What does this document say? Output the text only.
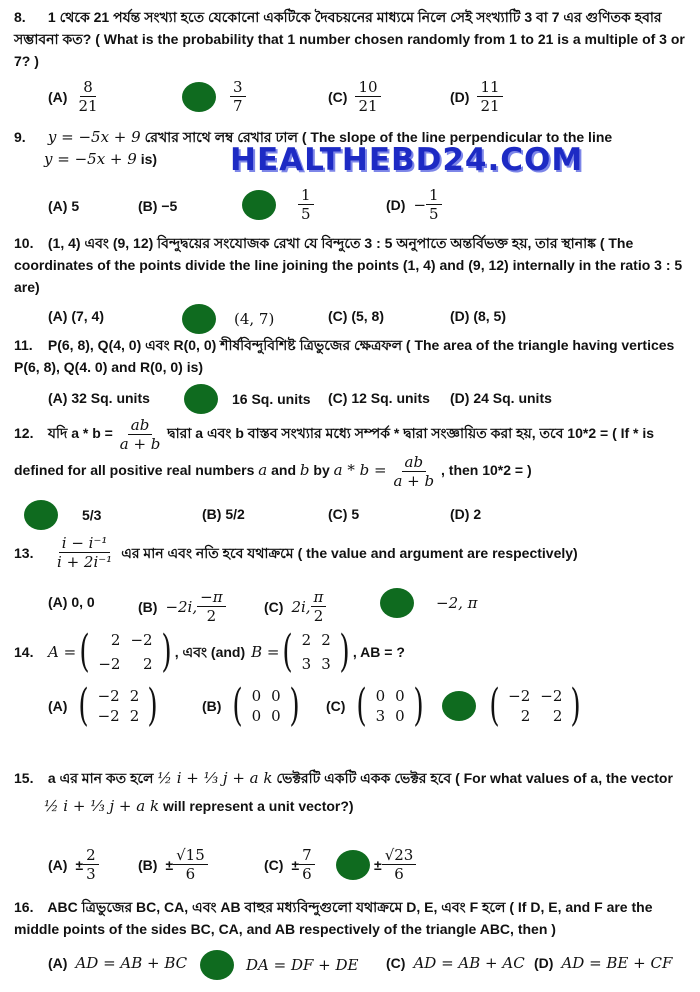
8. 1 থেকে 21 পর্যন্ত সংখ্যা হতে যেকোনো একটিকে দৈবচয়নের মাধ্যমে নিলে সেই সংখ্যাটি 3 বা 7 এর গুণিতক হবার সম্ভাবনা কত? ( What is the probability that 1 number chosen randomly from 1 to 21 is a multiple of 3 or 7? )
$(A) \frac{8}{21}$	$\frac{3}{7}$	$(C) \frac{10}{21}$	$(D) \frac{11}{21}$
9. y = −5x + 9 রেখার সাথে লম্ব রেখার ঢাল ( The slope of the line perpendicular to the line
y = −5x + 9 is)
(A) 5	(B) −5	$\frac{1}{5}$	$(D) - \frac{1}{5}$
HEALTHEBD24.COM
10. (1, 4) এবং (9, 12) বিন্দুদ্বয়ের সংযোজক রেখা যে বিন্দুতে 3 : 5 অনুপাতে অন্তর্বিভক্ত হয়, তার স্থানাঙ্ক ( The coordinates of the points divide the line joining the points (1, 4) and (9, 12) internally in the ratio 3 : 5 are)
(A) (7, 4)	(4, 7)	(C) (5, 8)	(D) (8, 5)
11. P(6, 8), Q(4, 0) এবং R(0, 0) শীর্ষবিন্দুবিশিষ্ট ত্রিভুজের ক্ষেত্রফল ( The area of the triangle having vertices P(6, 8), Q(4. 0) and R(0, 0) is)
(A) 32 Sq. units	16 Sq. units (C) 12 Sq. units (D) 24 Sq. units
12. যদি $a * b = \frac{ab}{a + b}$ দ্বারা a এবং b বাস্তব সংখ্যার মধ্যে সম্পর্ক * দ্বারা সংজ্ঞায়িত করা হয়, তবে 10*2 = ( If * is defined for all positive real numbers a and b by $a * b = \frac{ab}{a + b}$ , then 10*2 = )
5/3	(B) 5/2	(C) 5	(D) 2
13.	$\frac{\text{i − i⁻¹}}{\text{i + 2i⁻¹}}$ এর মান এবং নতি হবে যথাক্রমে ( the value and argument are respectively)
(A) 0, 0	(B) −2i, $\frac{-\pi}{2}$	(C) 2i, $\frac{\pi}{2}$	−2, π
14. A = ( 2	−2
−2	2 ) , এবং (and) B = ( 2	2
3	3 ) , AB = ?
(A) ( −2	2
−2	2 )	(B) ( 0	0
0	0 ) (C) ( 0	0
3	0 ) ( −2	−2
2	2 )
15. a এর মান কত হলে ½ i + ⅓ j + a k ভেক্টরটি একটি একক ভেক্টর হবে ( For what values of a, the vector
½ i + ⅓ j + a k will represent a unit vector?)
$(A) \pm \frac{2}{3}$	$(B) \pm \frac{√15}{6}$	$(C) \pm \frac{7}{6}$	± $\frac{√23}{6}$
16. ABC ত্রিভুজের BC, CA, এবং AB বাহুর মধ্যবিন্দুগুলো যথাক্রমে D, E, এবং F হলে ( If D, E, and F are the middle points of the sides BC, CA, and AB respectively of the triangle ABC, then )
(A) AD = AB + BC	DA = DF + DE (C) AD = AB + AC (D) AD = BE + CF
